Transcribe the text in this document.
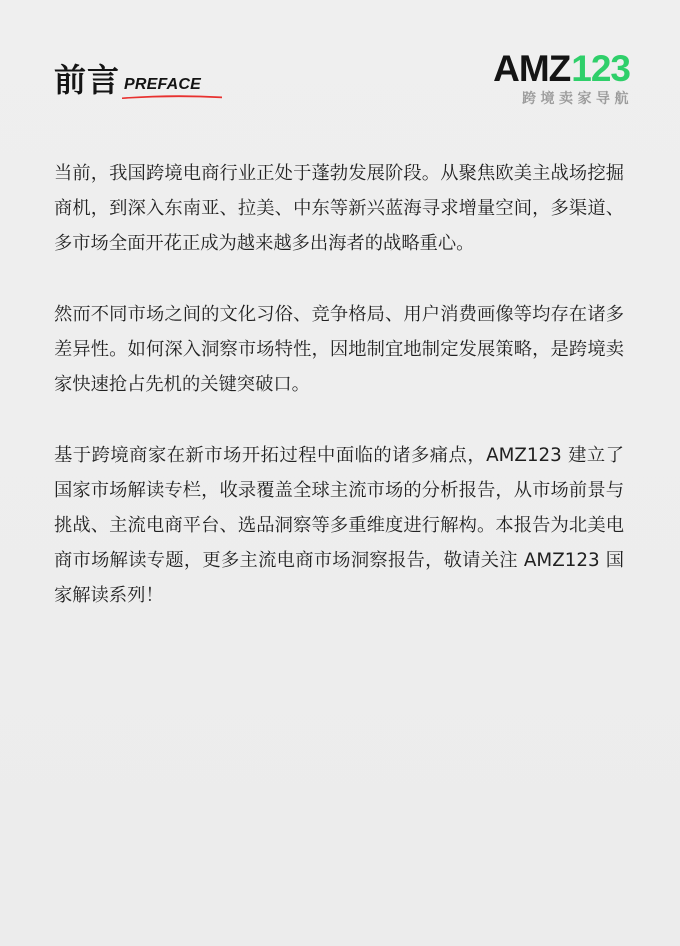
前言 PREFACE	AMZ 123
跨境卖家导航

当前，我国跨境电商行业正处于蓬勃发展阶段。从聚焦欧美主战场挖掘商机，到深入东南亚、拉美、中东等新兴蓝海寻求增量空间，多渠道、多市场全面开花正成为越来越多出海者的战略重心。

然而不同市场之间的文化习俗、竞争格局、用户消费画像等均存在诸多差异性。如何深入洞察市场特性，因地制宜地制定发展策略，是跨境卖家快速抢占先机的关键突破口。

基于跨境商家在新市场开拓过程中面临的诸多痛点，AMZ123 建立了国家市场解读专栏，收录覆盖全球主流市场的分析报告，从市场前景与挑战、主流电商平台、选品洞察等多重维度进行解构。本报告为北美电商市场解读专题，更多主流电商市场洞察报告，敬请关注 AMZ123 国家解读系列！
